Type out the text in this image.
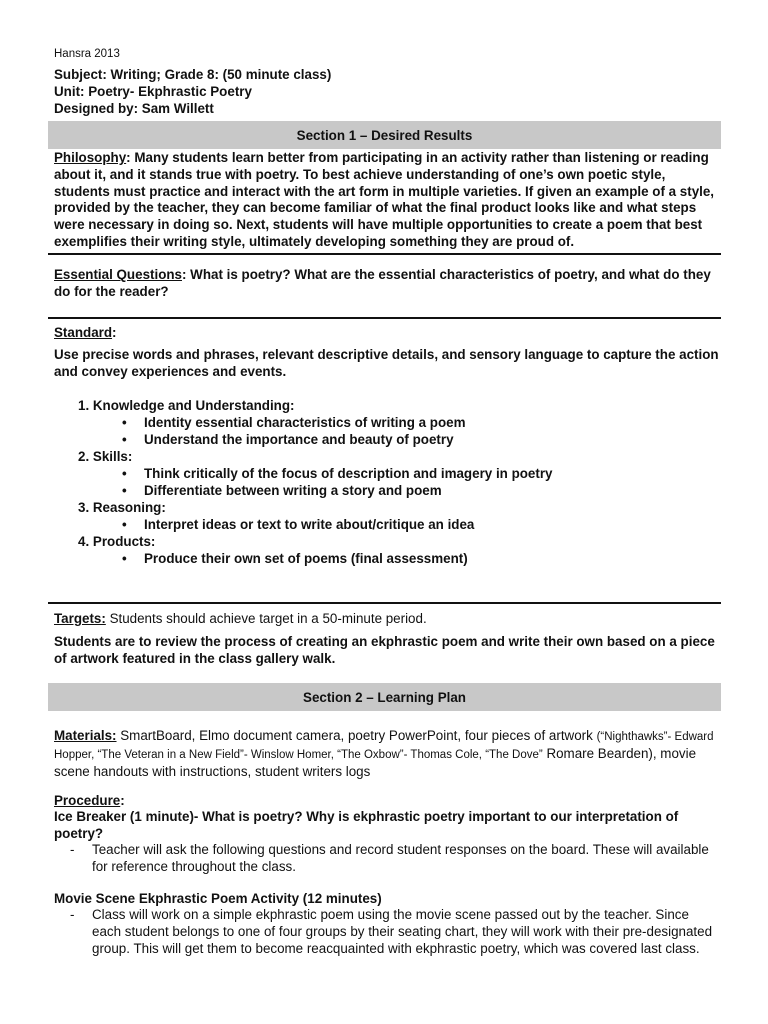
Hansra 2013
Subject: Writing; Grade 8: (50 minute class)
Unit: Poetry- Ekphrastic Poetry
Designed by: Sam Willett
Section 1 – Desired Results
Philosophy: Many students learn better from participating in an activity rather than listening or reading about it, and it stands true with poetry. To best achieve understanding of one’s own poetic style, students must practice and interact with the art form in multiple varieties. If given an example of a style, provided by the teacher, they can become familiar of what the final product looks like and what steps were necessary in doing so. Next, students will have multiple opportunities to create a poem that best exemplifies their writing style, ultimately developing something they are proud of.
Essential Questions: What is poetry? What are the essential characteristics of poetry, and what do they do for the reader?
Standard:
Use precise words and phrases, relevant descriptive details, and sensory language to capture the action and convey experiences and events.
1. Knowledge and Understanding:
• Identity essential characteristics of writing a poem
• Understand the importance and beauty of poetry
2. Skills:
• Think critically of the focus of description and imagery in poetry
• Differentiate between writing a story and poem
3. Reasoning:
• Interpret ideas or text to write about/critique an idea
4. Products:
• Produce their own set of poems (final assessment)
Targets: Students should achieve target in a 50-minute period.
Students are to review the process of creating an ekphrastic poem and write their own based on a piece of artwork featured in the class gallery walk.
Section 2 – Learning Plan
Materials: SmartBoard, Elmo document camera, poetry PowerPoint, four pieces of artwork (“Nighthawks”- Edward Hopper, “The Veteran in a New Field”- Winslow Homer, “The Oxbow”- Thomas Cole, “The Dove” Romare Bearden), movie scene handouts with instructions, student writers logs
Procedure:
Ice Breaker (1 minute)- What is poetry? Why is ekphrastic poetry important to our interpretation of poetry?
- Teacher will ask the following questions and record student responses on the board. These will available for reference throughout the class.
Movie Scene Ekphrastic Poem Activity (12 minutes)
- Class will work on a simple ekphrastic poem using the movie scene passed out by the teacher. Since each student belongs to one of four groups by their seating chart, they will work with their pre-designated group. This will get them to become reacquainted with ekphrastic poetry, which was covered last class.
